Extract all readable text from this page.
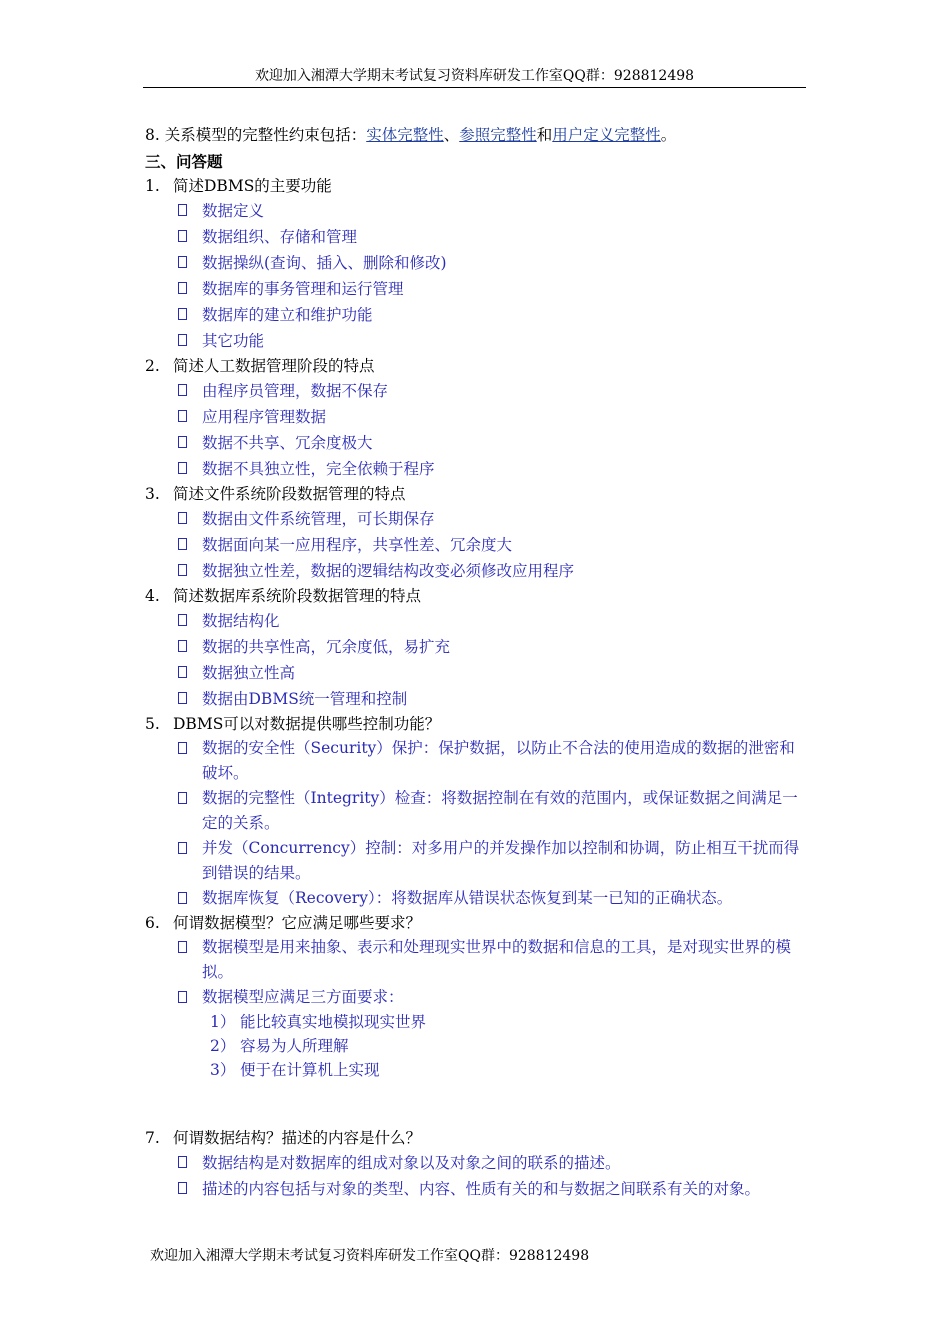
欢迎加入湘潭大学期末考试复习资料库研发工作室QQ群：928812498
8. 关系模型的完整性约束包括：实体完整性、参照完整性和用户定义完整性。
三、问答题
1. 简述DBMS的主要功能
数据定义
数据组织、存储和管理
数据操纵(查询、插入、删除和修改)
数据库的事务管理和运行管理
数据库的建立和维护功能
其它功能
2. 简述人工数据管理阶段的特点
由程序员管理，数据不保存
应用程序管理数据
数据不共享、冗余度极大
数据不具独立性，完全依赖于程序
3. 简述文件系统阶段数据管理的特点
数据由文件系统管理，可长期保存
数据面向某一应用程序，共享性差、冗余度大
数据独立性差，数据的逻辑结构改变必须修改应用程序
4. 简述数据库系统阶段数据管理的特点
数据结构化
数据的共享性高，冗余度低，易扩充
数据独立性高
数据由DBMS统一管理和控制
5. DBMS可以对数据提供哪些控制功能？
数据的安全性（Security）保护：保护数据，以防止不合法的使用造成的数据的泄密和破坏。
数据的完整性（Integrity）检查：将数据控制在有效的范围内，或保证数据之间满足一定的关系。
并发（Concurrency）控制：对多用户的并发操作加以控制和协调，防止相互干扰而得到错误的结果。
数据库恢复（Recovery）：将数据库从错误状态恢复到某一已知的正确状态。
6. 何谓数据模型？它应满足哪些要求？
数据模型是用来抽象、表示和处理现实世界中的数据和信息的工具，是对现实世界的模拟。
数据模型应满足三方面要求：
1） 能比较真实地模拟现实世界
2） 容易为人所理解
3） 便于在计算机上实现
7. 何谓数据结构？描述的内容是什么？
数据结构是对数据库的组成对象以及对象之间的联系的描述。
描述的内容包括与对象的类型、内容、性质有关的和与数据之间联系有关的对象。
欢迎加入湘潭大学期末考试复习资料库研发工作室QQ群：928812498
